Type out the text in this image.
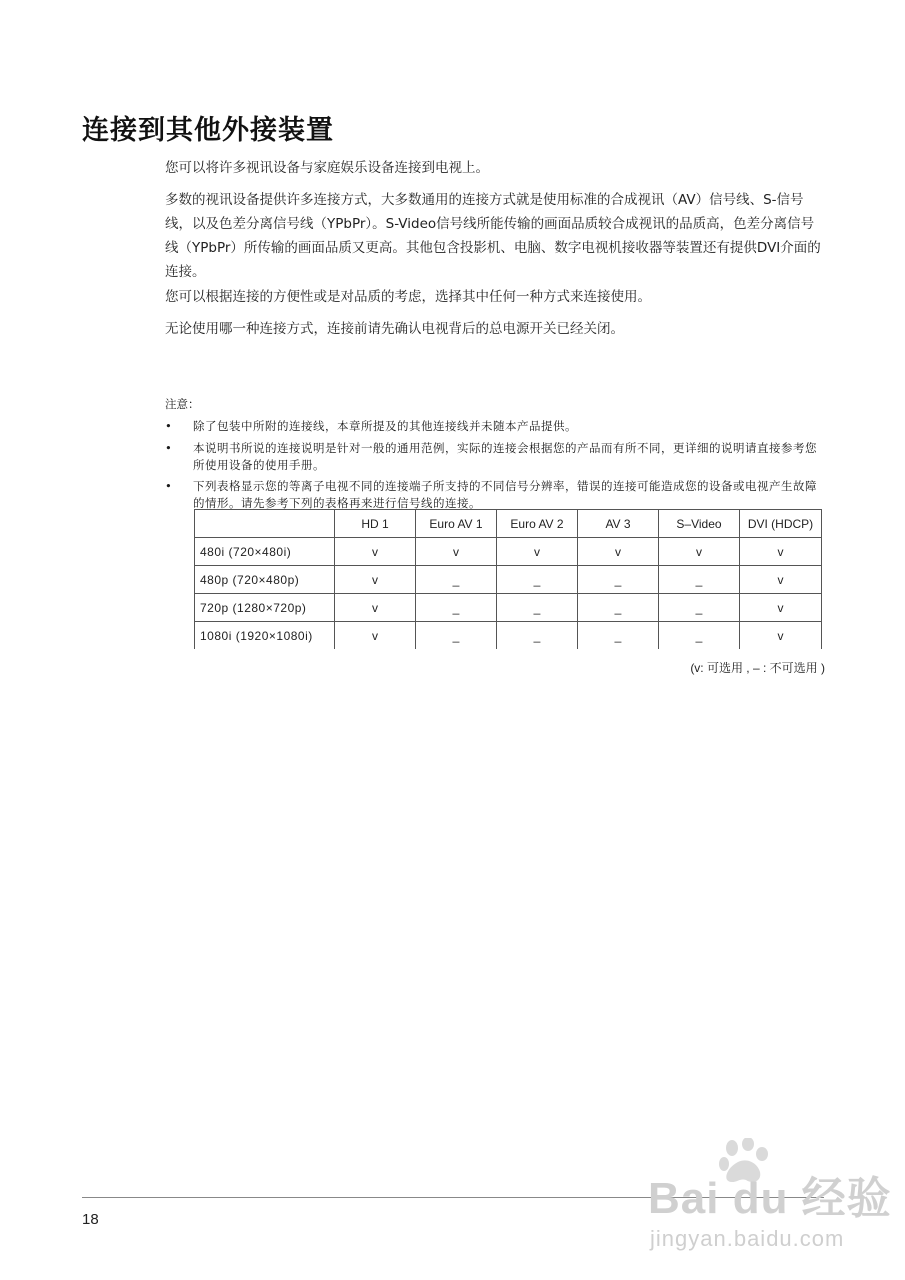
连接到其他外接装置
您可以将许多视讯设备与家庭娱乐设备连接到电视上。
多数的视讯设备提供许多连接方式，大多数通用的连接方式就是使用标准的合成视讯（AV）信号线、S-信号线，以及色差分离信号线（YPbPr）。S-Video信号线所能传输的画面品质较合成视讯的品质高，色差分离信号线（YPbPr）所传输的画面品质又更高。其他包含投影机、电脑、数字电视机接收器等装置还有提供DVI介面的连接。
您可以根据连接的方便性或是对品质的考虑，选择其中任何一种方式来连接使用。
无论使用哪一种连接方式，连接前请先确认电视背后的总电源开关已经关闭。
注意：
• 除了包装中所附的连接线，本章所提及的其他连接线并未随本产品提供。
• 本说明书所说的连接说明是针对一般的通用范例，实际的连接会根据您的产品而有所不同，更详细的说明请直接参考您所使用设备的使用手册。
• 下列表格显示您的等离子电视不同的连接端子所支持的不同信号分辨率，错误的连接可能造成您的设备或电视产生故障的情形。请先参考下列的表格再来进行信号线的连接。
	HD 1	Euro AV 1	Euro AV 2	AV 3	S–Video	DVI (HDCP)
480i (720×480i)	v	v	v	v	v	v
480p (720×480p)	v	_	_	_	_	v
720p (1280×720p)	v	_	_	_	_	v
1080i (1920×1080i)	v	_	_	_	_	v
(v: 可选用 , – : 不可选用 )
18	Bai du 经验
jingyan.baidu.com
